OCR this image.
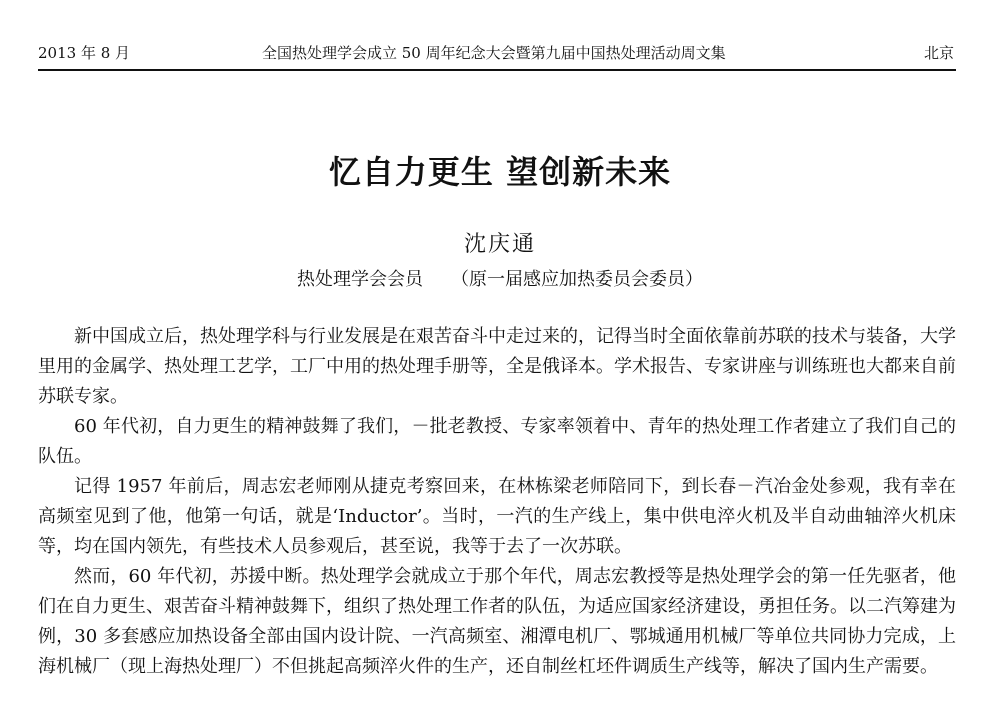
2013 年 8 月	全国热处理学会成立 50 周年纪念大会暨第九届中国热处理活动周文集	北京
忆自力更生 望创新未来
沈庆通
热处理学会会员 （原一届感应加热委员会委员）

新中国成立后，热处理学科与行业发展是在艰苦奋斗中走过来的，记得当时全面依靠前苏联的技术与装备，大学里用的金属学、热处理工艺学，工厂中用的热处理手册等，全是俄译本。学术报告、专家讲座与训练班也大都来自前苏联专家。

60 年代初，自力更生的精神鼓舞了我们，－批老教授、专家率领着中、青年的热处理工作者建立了我们自己的队伍。

记得 1957 年前后，周志宏老师刚从捷克考察回来，在林栋梁老师陪同下，到长春－汽冶金处参观，我有幸在高频室见到了他，他第一句话，就是‘Inductor’。当时，一汽的生产线上，集中供电淬火机及半自动曲轴淬火机床等，均在国内领先，有些技术人员参观后，甚至说，我等于去了一次苏联。

然而，60 年代初，苏援中断。热处理学会就成立于那个年代，周志宏教授等是热处理学会的第一任先驱者，他们在自力更生、艰苦奋斗精神鼓舞下，组织了热处理工作者的队伍，为适应国家经济建设，勇担任务。以二汽筹建为例，30 多套感应加热设备全部由国内设计院、一汽高频室、湘潭电机厂、鄂城通用机械厂等单位共同协力完成，上海机械厂（现上海热处理厂）不但挑起高频淬火件的生产，还自制丝杠坯件调质生产线等，解决了国内生产需要。
